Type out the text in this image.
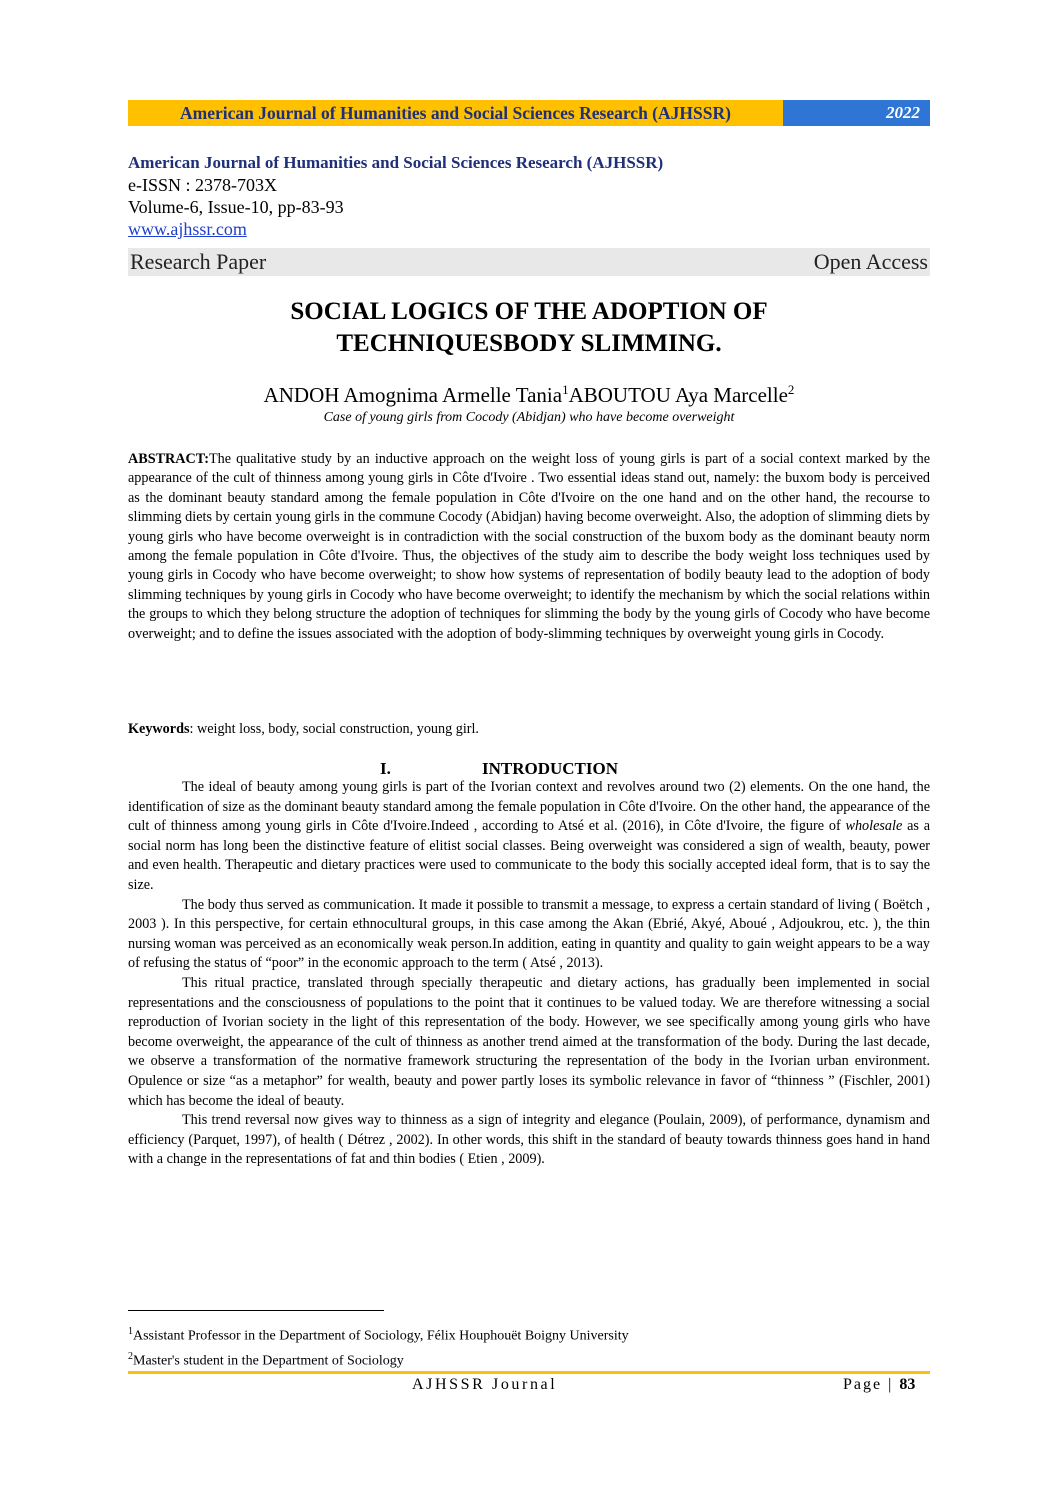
American Journal of Humanities and Social Sciences Research (AJHSSR)	2022
American Journal of Humanities and Social Sciences Research (AJHSSR)
e-ISSN : 2378-703X
Volume-6, Issue-10, pp-83-93
www.ajhssr.com
Research Paper	Open Access
SOCIAL LOGICS OF THE ADOPTION OF
TECHNIQUESBODY SLIMMING.
ANDOH Amognima Armelle Tania$^1$ABOUTOU Aya Marcelle$^2$
Case of young girls from Cocody (Abidjan) who have become overweight
ABSTRACT:The qualitative study by an inductive approach on the weight loss of young girls is part of a social context marked by the appearance of the cult of thinness among young girls in Côte d'Ivoire . Two essential ideas stand out, namely: the buxom body is perceived as the dominant beauty standard among the female population in Côte d'Ivoire on the one hand and on the other hand, the recourse to slimming diets by certain young girls in the commune Cocody (Abidjan) having become overweight. Also, the adoption of slimming diets by young girls who have become overweight is in contradiction with the social construction of the buxom body as the dominant beauty norm among the female population in Côte d'Ivoire. Thus, the objectives of the study aim to describe the body weight loss techniques used by young girls in Cocody who have become overweight; to show how systems of representation of bodily beauty lead to the adoption of body slimming techniques by young girls in Cocody who have become overweight; to identify the mechanism by which the social relations within the groups to which they belong structure the adoption of techniques for slimming the body by the young girls of Cocody who have become overweight; and to define the issues associated with the adoption of body-slimming techniques by overweight young girls in Cocody.
Keywords: weight loss, body, social construction, young girl.
I.	INTRODUCTION

The ideal of beauty among young girls is part of the Ivorian context and revolves around two (2) elements. On the one hand, the identification of size as the dominant beauty standard among the female population in Côte d'Ivoire. On the other hand, the appearance of the cult of thinness among young girls in Côte d'Ivoire.Indeed , according to Atsé et al. (2016), in Côte d'Ivoire, the figure of wholesale as a social norm has long been the distinctive feature of elitist social classes. Being overweight was considered a sign of wealth, beauty, power and even health. Therapeutic and dietary practices were used to communicate to the body this socially accepted ideal form, that is to say the size.

The body thus served as communication. It made it possible to transmit a message, to express a certain standard of living ( Boëtch , 2003 ). In this perspective, for certain ethnocultural groups, in this case among the Akan (Ebrié, Akyé, Aboué , Adjoukrou, etc. ), the thin nursing woman was perceived as an economically weak person.In addition, eating in quantity and quality to gain weight appears to be a way of refusing the status of “poor” in the economic approach to the term ( Atsé , 2013).

This ritual practice, translated through specially therapeutic and dietary actions, has gradually been implemented in social representations and the consciousness of populations to the point that it continues to be valued today. We are therefore witnessing a social reproduction of Ivorian society in the light of this representation of the body. However, we see specifically among young girls who have become overweight, the appearance of the cult of thinness as another trend aimed at the transformation of the body. During the last decade, we observe a transformation of the normative framework structuring the representation of the body in the Ivorian urban environment. Opulence or size “as a metaphor” for wealth, beauty and power partly loses its symbolic relevance in favor of “thinness ” (Fischler, 2001) which has become the ideal of beauty.

This trend reversal now gives way to thinness as a sign of integrity and elegance (Poulain, 2009), of performance, dynamism and efficiency (Parquet, 1997), of health ( Détrez , 2002). In other words, this shift in the standard of beauty towards thinness goes hand in hand with a change in the representations of fat and thin bodies ( Etien , 2009).

$^1$Assistant Professor in the Department of Sociology, Félix Houphouët Boigny University
$^2$Master's student in the Department of Sociology
AJHSSR Journal	Page | 83
